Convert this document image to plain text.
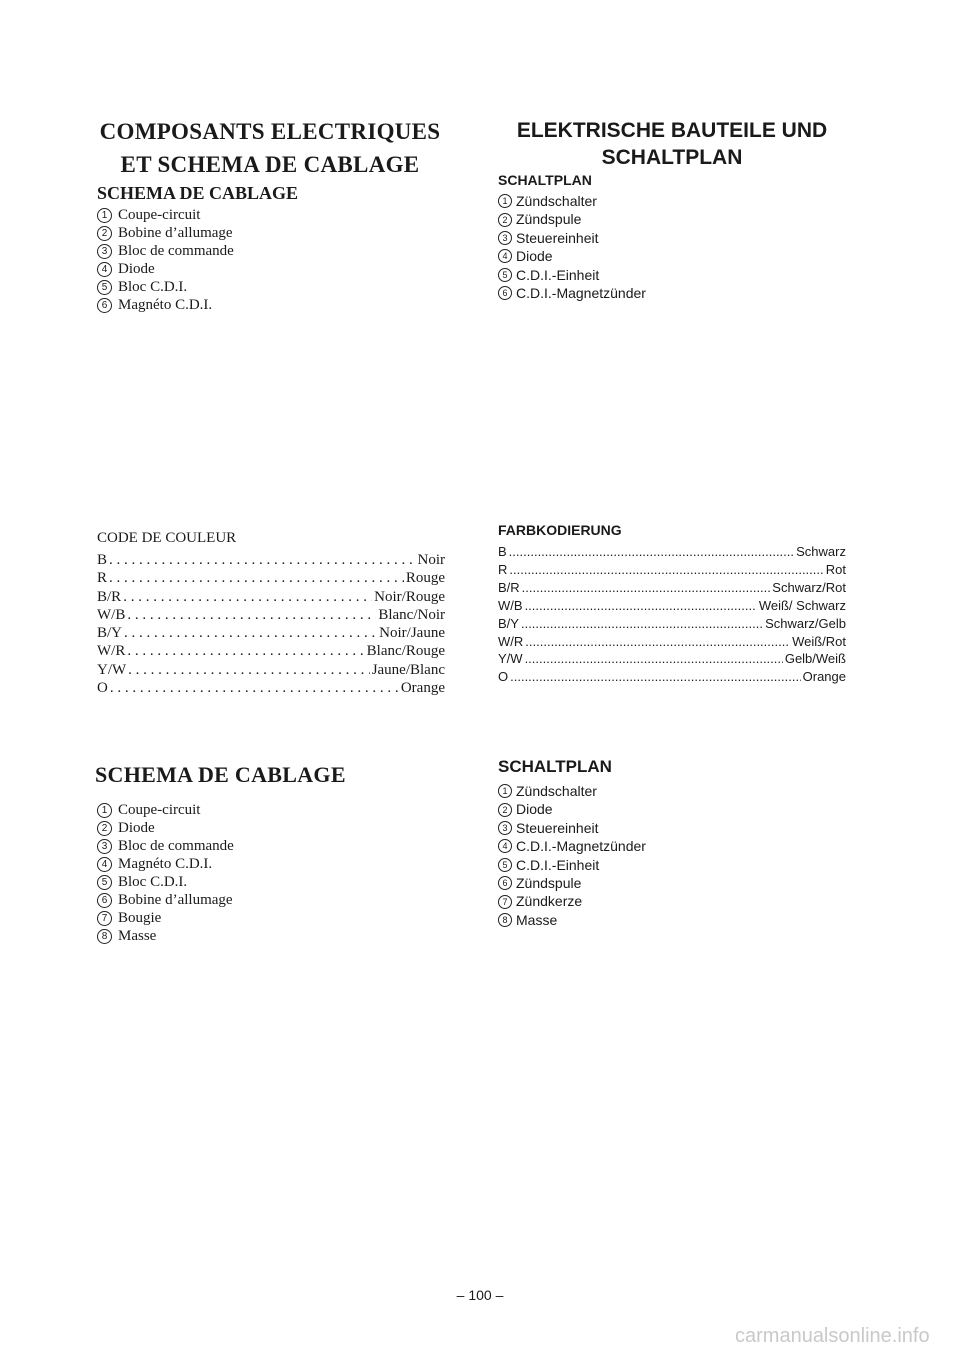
COMPOSANTS ELECTRIQUES
ET SCHEMA DE CABLAGE
SCHEMA DE CABLAGE
1 Coupe-circuit
2 Bobine d’allumage
3 Bloc de commande
4 Diode
5 Bloc C.D.I.
6 Magnéto C.D.I.
CODE DE COULEUR
B . . .	Noir
R . . .	Rouge
B/R . . .	Noir/Rouge
W/B . . .	Blanc/Noir
B/Y . . .	Noir/Jaune
W/R . . .	Blanc/Rouge
Y/W . . .	Jaune/Blanc
O . . .	Orange
SCHEMA DE CABLAGE
1 Coupe-circuit
2 Diode
3 Bloc de commande
4 Magnéto C.D.I.
5 Bloc C.D.I.
6 Bobine d’allumage
7 Bougie
8 Masse
ELEKTRISCHE BAUTEILE UND
SCHALTPLAN
SCHALTPLAN
1 Zündschalter
2 Zündspule
3 Steuereinheit
4 Diode
5 C.D.I.-Einheit
6 C.D.I.-Magnetzünder
FARBKODIERUNG
B .....	Schwarz
R .....	Rot
B/R .....	Schwarz/Rot
W/B .....	Weiß/ Schwarz
B/Y .....	Schwarz/Gelb
W/R .....	Weiß/Rot
Y/W .....	Gelb/Weiß
O .....	Orange
SCHALTPLAN
1 Zündschalter
2 Diode
3 Steuereinheit
4 C.D.I.-Magnetzünder
5 C.D.I.-Einheit
6 Zündspule
7 Zündkerze
8 Masse
– 100 –
carmanualsonline.info
